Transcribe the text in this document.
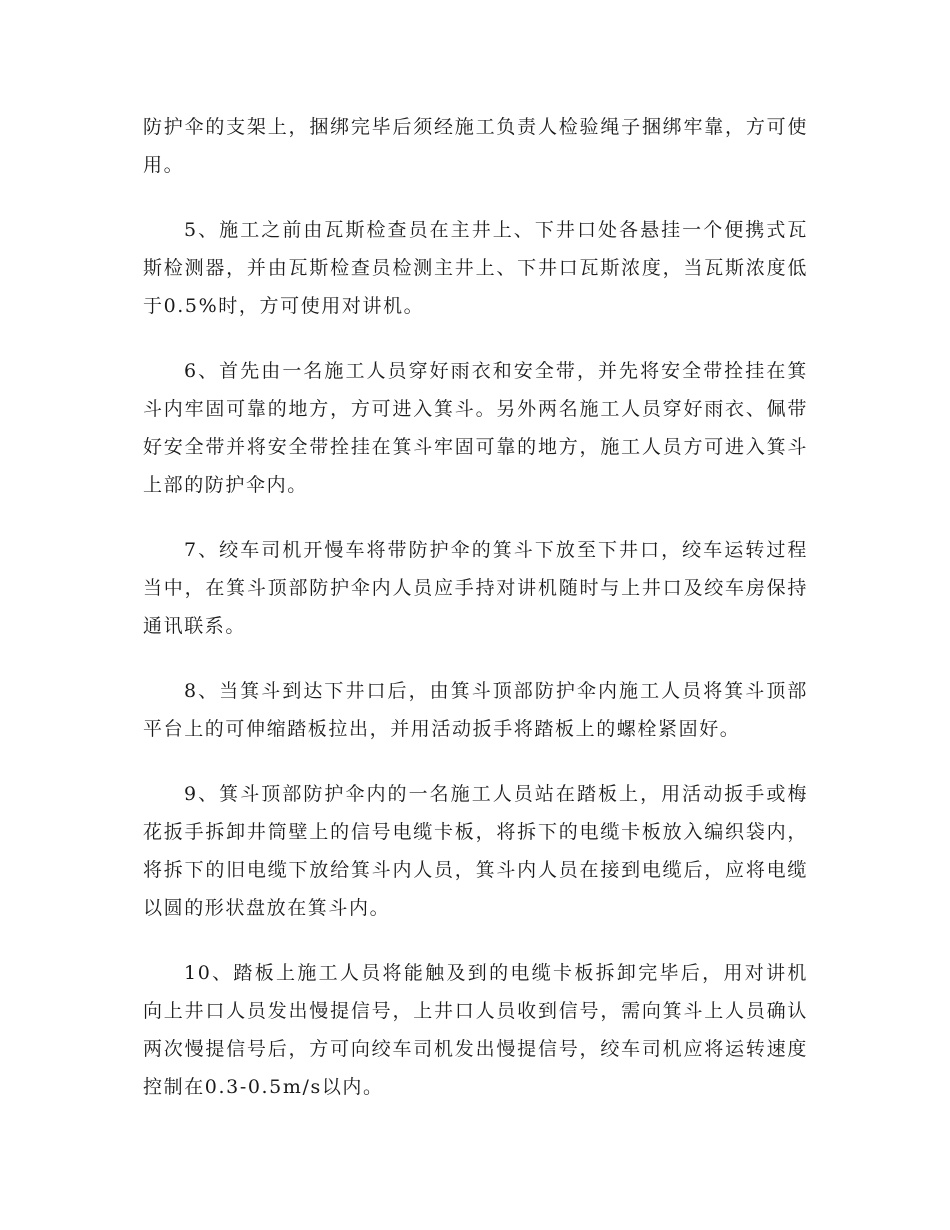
防护伞的支架上，捆绑完毕后须经施工负责人检验绳子捆绑牢靠，方可使用。

5、施工之前由瓦斯检查员在主井上、下井口处各悬挂一个便携式瓦斯检测器，并由瓦斯检查员检测主井上、下井口瓦斯浓度，当瓦斯浓度低于0.5%时，方可使用对讲机。

6、首先由一名施工人员穿好雨衣和安全带，并先将安全带拴挂在箕斗内牢固可靠的地方，方可进入箕斗。另外两名施工人员穿好雨衣、佩带好安全带并将安全带拴挂在箕斗牢固可靠的地方，施工人员方可进入箕斗上部的防护伞内。

7、绞车司机开慢车将带防护伞的箕斗下放至下井口，绞车运转过程当中，在箕斗顶部防护伞内人员应手持对讲机随时与上井口及绞车房保持通讯联系。

8、当箕斗到达下井口后，由箕斗顶部防护伞内施工人员将箕斗顶部平台上的可伸缩踏板拉出，并用活动扳手将踏板上的螺栓紧固好。

9、箕斗顶部防护伞内的一名施工人员站在踏板上，用活动扳手或梅花扳手拆卸井筒壁上的信号电缆卡板，将拆下的电缆卡板放入编织袋内，将拆下的旧电缆下放给箕斗内人员，箕斗内人员在接到电缆后，应将电缆以圆的形状盘放在箕斗内。

10、踏板上施工人员将能触及到的电缆卡板拆卸完毕后，用对讲机向上井口人员发出慢提信号，上井口人员收到信号，需向箕斗上人员确认两次慢提信号后，方可向绞车司机发出慢提信号，绞车司机应将运转速度控制在0.3-0.5m/s以内。
